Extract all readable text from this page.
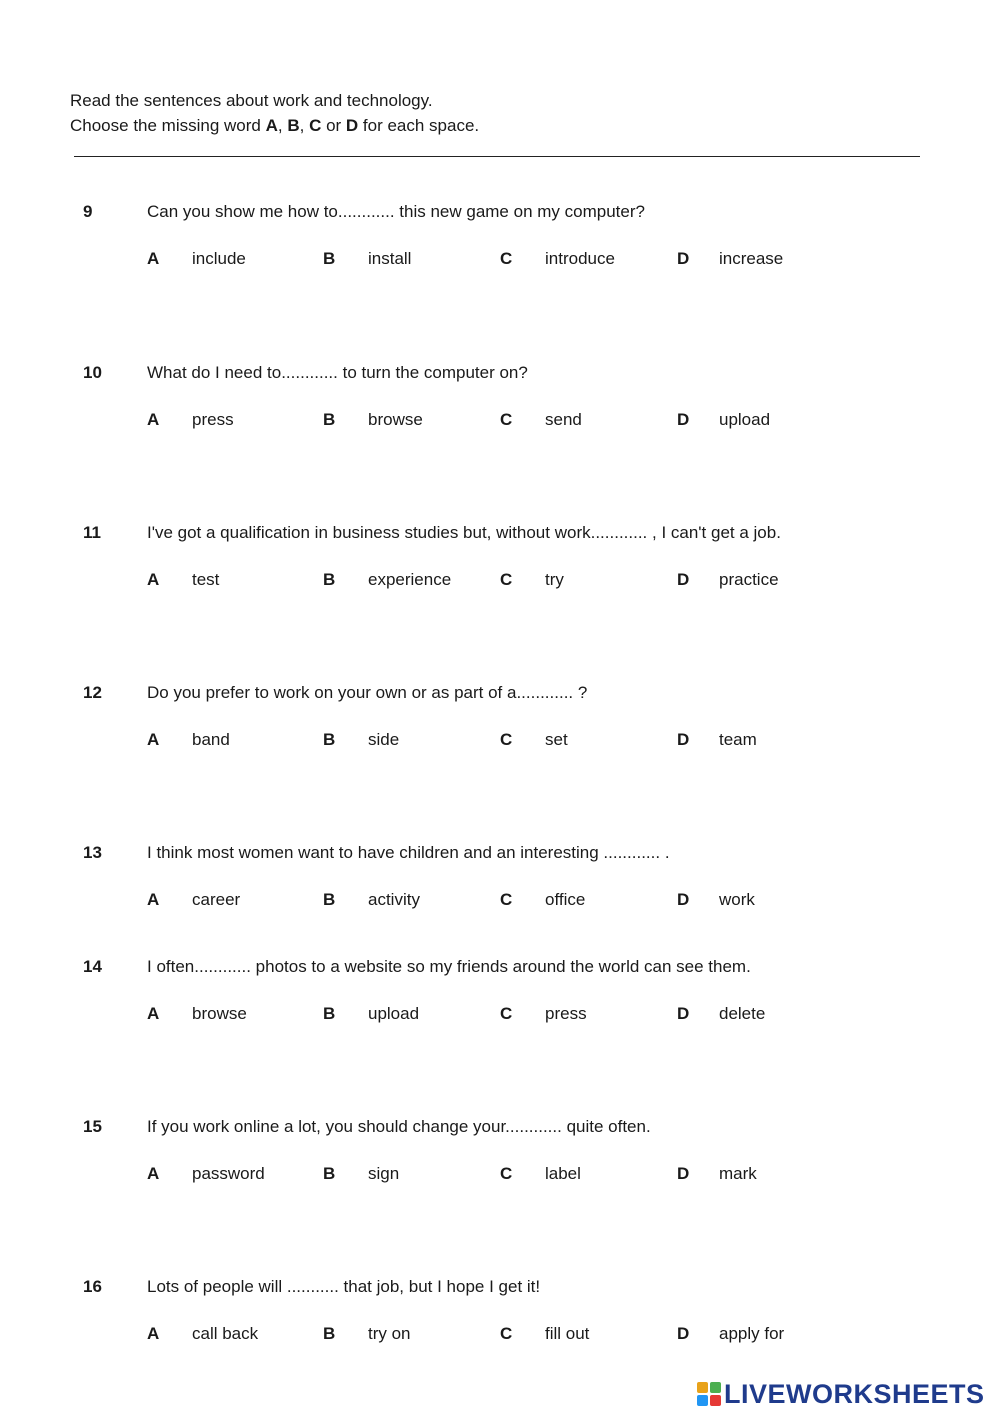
Read the sentences about work and technology.
Choose the missing word A, B, C or D for each space.
9	Can you show me how to............ this new game on my computer?
A include	B install	C introduce	D increase
10	What do I need to............ to turn the computer on?
A press	B browse	C send	D upload
11	I've got a qualification in business studies but, without work............ , I can't get a job.
A test	B experience	C try	D practice
12	Do you prefer to work on your own or as part of a............ ?
A band	B side	C set	D team
13	I think most women want to have children and an interesting ............ .
A career	B activity	C office	D work
14	I often............ photos to a website so my friends around the world can see them.
A browse	B upload	C press	D delete
15	If you work online a lot, you should change your............ quite often.
A password	B sign	C label	D mark
16	Lots of people will ........... that job, but I hope I get it!
A call back	B try on	C fill out	D apply for
LIVEWORKSHEETS
